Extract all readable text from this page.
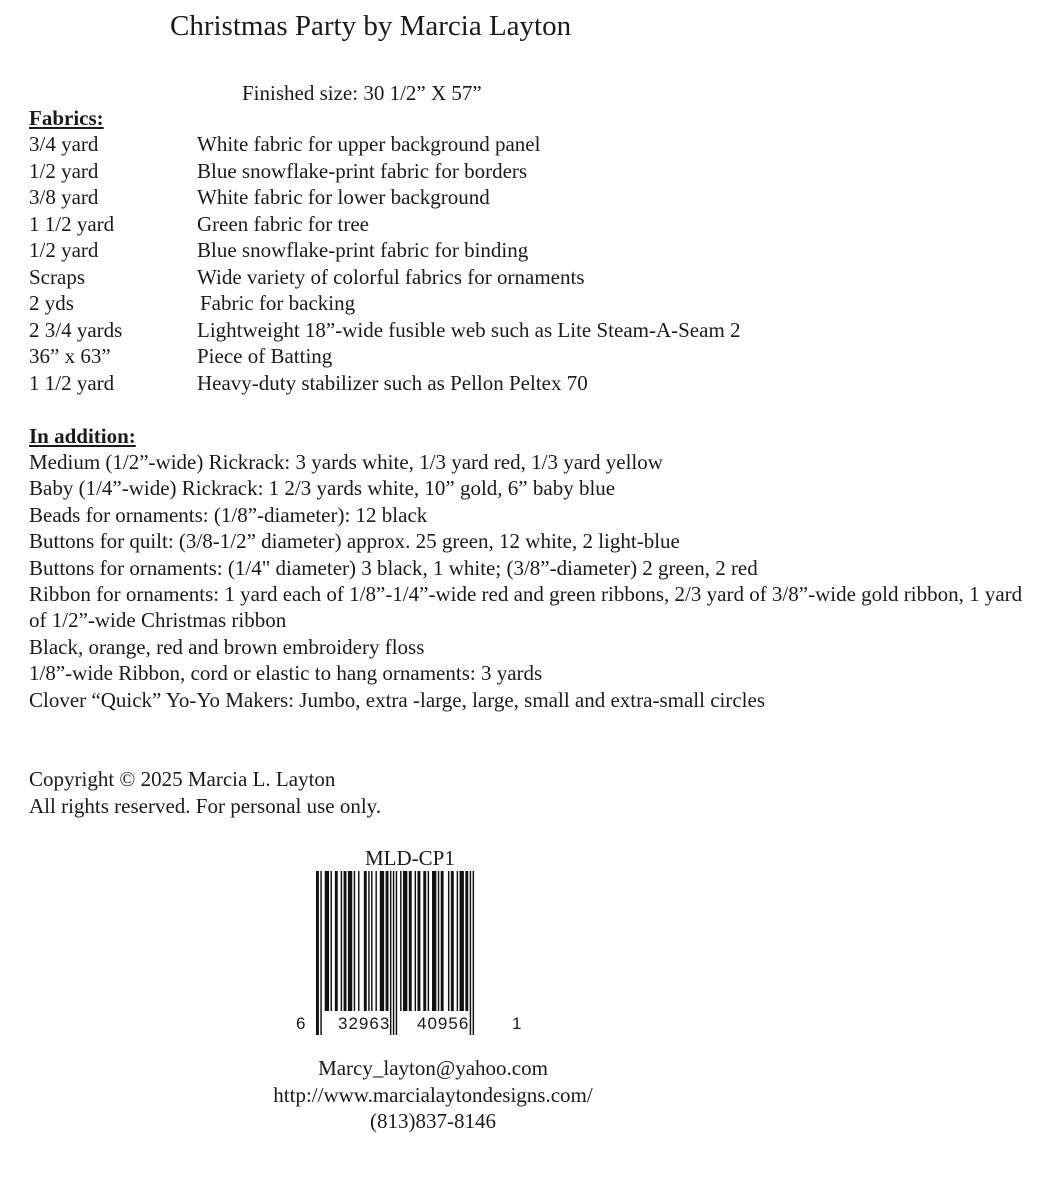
Christmas Party by Marcia Layton
Finished size: 30 1/2” X 57”
Fabrics:
3/4 yard	White fabric for upper background panel
1/2 yard	Blue snowflake-print fabric for borders
3/8 yard	White fabric for lower background
1 1/2 yard	Green fabric for tree
1/2 yard	Blue snowflake-print fabric for binding
Scraps	Wide variety of colorful fabrics for ornaments
2 yds	Fabric for backing
2 3/4 yards	Lightweight 18”-wide fusible web such as Lite Steam-A-Seam 2
36” x 63”	Piece of Batting
1 1/2 yard	Heavy-duty stabilizer such as Pellon Peltex 70
In addition:
Medium (1/2”-wide) Rickrack: 3 yards white, 1/3 yard red, 1/3 yard yellow
Baby (1/4”-wide) Rickrack: 1 2/3 yards white, 10” gold, 6” baby blue
Beads for ornaments: (1/8”-diameter): 12 black
Buttons for quilt: (3/8-1/2” diameter) approx. 25 green, 12 white, 2 light-blue
Buttons for ornaments: (1/4" diameter) 3 black, 1 white; (3/8”-diameter) 2 green, 2 red
Ribbon for ornaments: 1 yard each of 1/8”-1/4”-wide red and green ribbons, 2/3 yard of 3/8”-wide gold ribbon, 1 yard of 1/2”-wide Christmas ribbon
Black, orange, red and brown embroidery floss
1/8”-wide Ribbon, cord or elastic to hang ornaments: 3 yards
Clover “Quick” Yo-Yo Makers: Jumbo, extra -large, large, small and extra-small circles
Copyright © 2025 Marcia L. Layton
All rights reserved. For personal use only.
MLD-CP1
6 32963 40956	1
Marcy_layton@yahoo.com
http://www.marcialaytondesigns.com/
(813)837-8146
